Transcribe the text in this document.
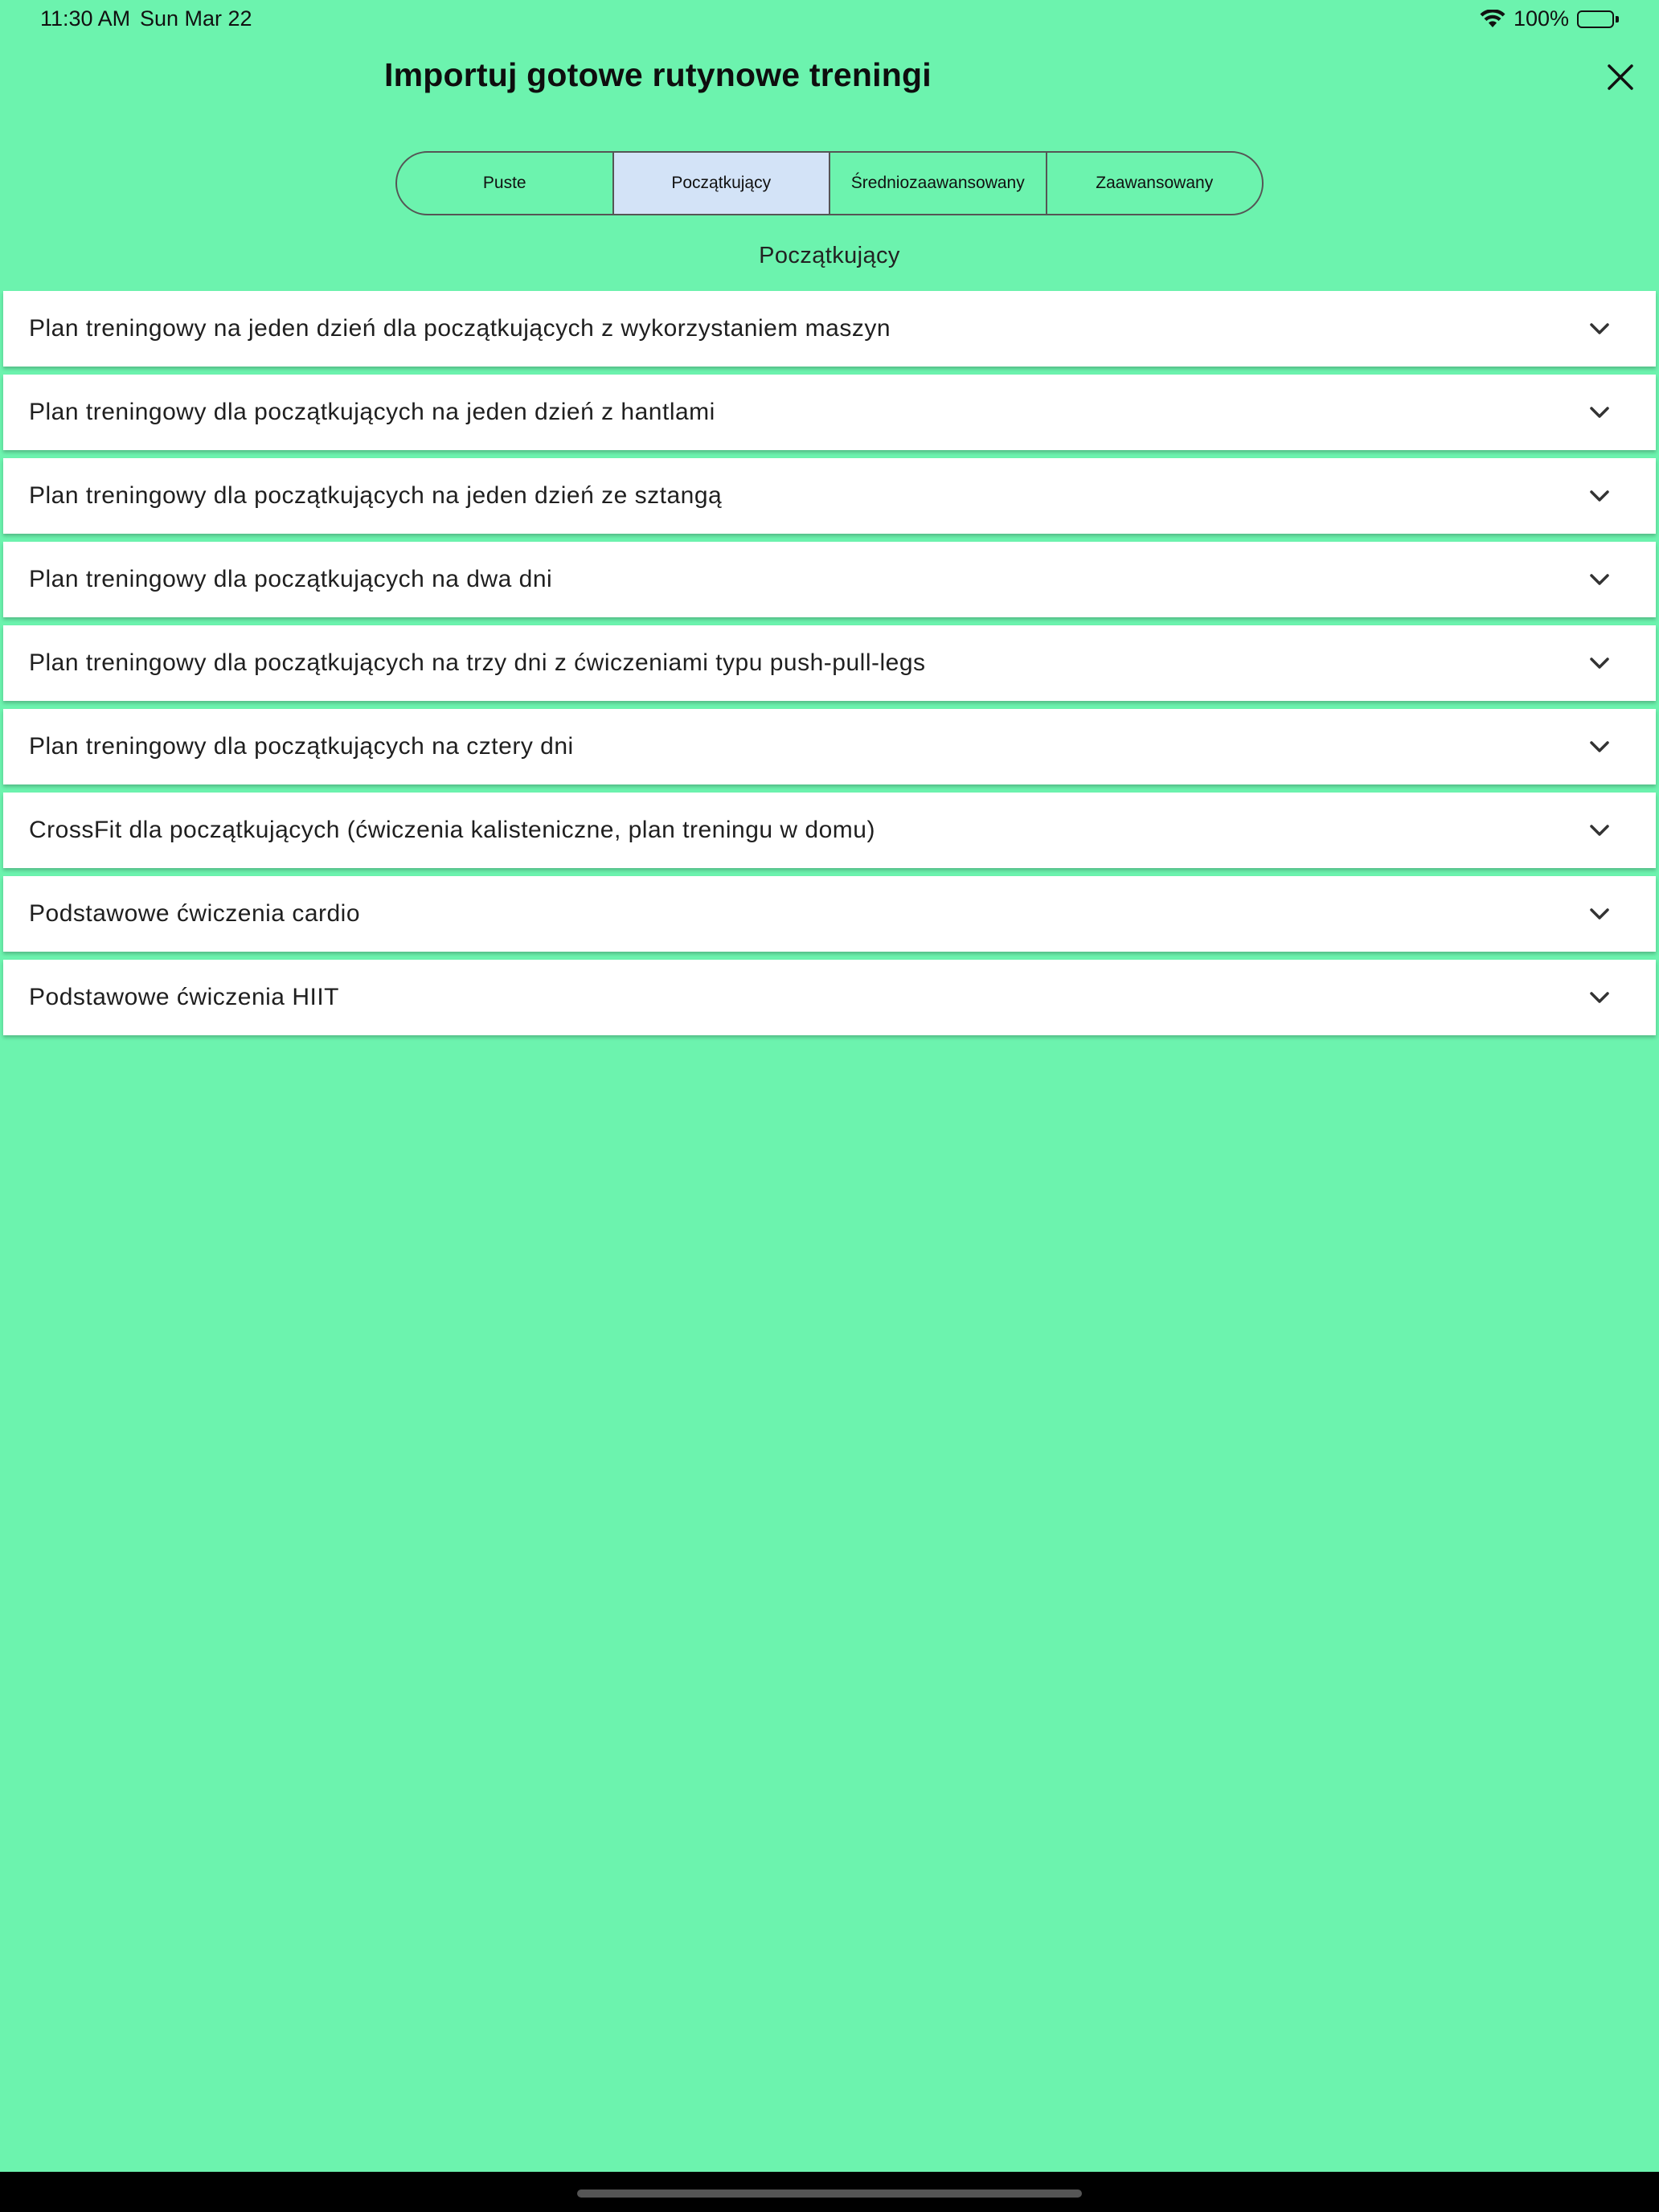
11:30 AM Sun Mar 22	100%
Importuj gotowe rutynowe treningi
Puste	Początkujący	Średniozaawansowany	Zaawansowany
Początkujący
Plan treningowy na jeden dzień dla początkujących z wykorzystaniem maszyn
Plan treningowy dla początkujących na jeden dzień z hantlami
Plan treningowy dla początkujących na jeden dzień ze sztangą
Plan treningowy dla początkujących na dwa dni
Plan treningowy dla początkujących na trzy dni z ćwiczeniami typu push-pull-legs
Plan treningowy dla początkujących na cztery dni
CrossFit dla początkujących (ćwiczenia kalisteniczne, plan treningu w domu)
Podstawowe ćwiczenia cardio
Podstawowe ćwiczenia HIIT
